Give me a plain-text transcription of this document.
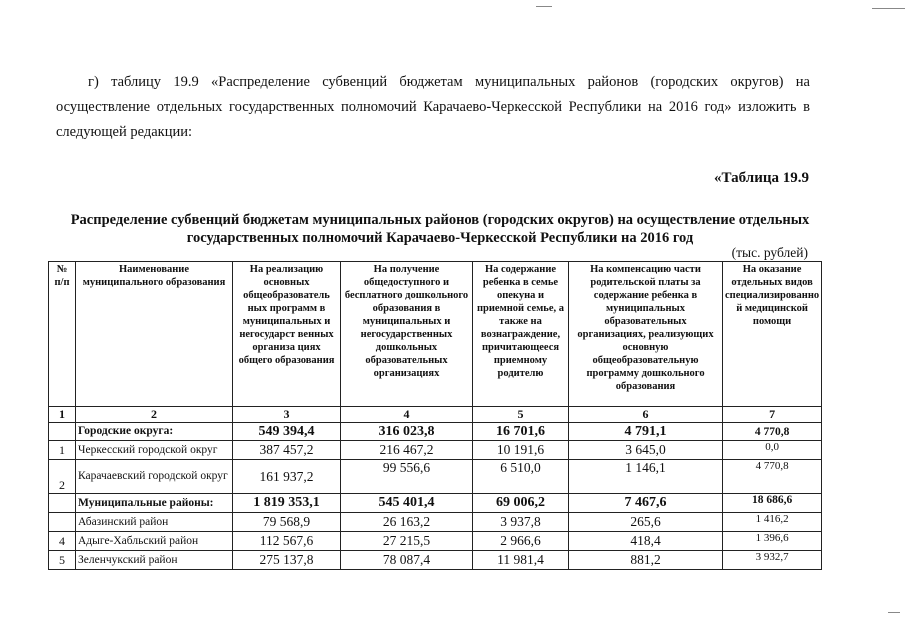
г) таблицу 19.9 «Распределение субвенций бюджетам муниципальных районов (городских округов) на осуществление отдельных государственных полномочий Карачаево-Черкесской Республики на 2016 год» изложить в следующей редакции:
«Таблица 19.9
Распределение субвенций бюджетам муниципальных районов (городских округов) на осуществление отдельных государственных полномочий Карачаево-Черкесской Республики на 2016 год
(тыс. рублей)
№ п/п	Наименование муниципального образования	На реализацию основных общеобразователь ных программ в муниципальных и негосударст венных организа циях общего образования	На получение общедоступного и бесплатного дошкольного образования в муниципальных и негосударственных дошкольных образовательных организациях	На содержание ребенка в семье опекуна и приемной семье, а также на вознаграждение, причитающееся приемному родителю	На компенсацию части родительской платы за содержание ребенка в муниципальных образовательных организациях, реализующих основную общеобразовательную программу дошкольного образования	На оказание отдельных видов специализированно й медицинской помощи
1	2	3	4	5	6	7
	Городские округа:	549 394,4	316 023,8	16 701,6	4 791,1	4 770,8
1	Черкесский городской округ	387 457,2	216 467,2	10 191,6	3 645,0	0,0
2	Карачаевский городской округ	161 937,2	99 556,6	6 510,0	1 146,1	4 770,8
	Муниципальные районы:	1 819 353,1	545 401,4	69 006,2	7 467,6	18 686,6
	Абазинский район	79 568,9	26 163,2	3 937,8	265,6	1 416,2
4	Адыге-Хабльский район	112 567,6	27 215,5	2 966,6	418,4	1 396,6
5	Зеленчукский район	275 137,8	78 087,4	11 981,4	881,2	3 932,7
